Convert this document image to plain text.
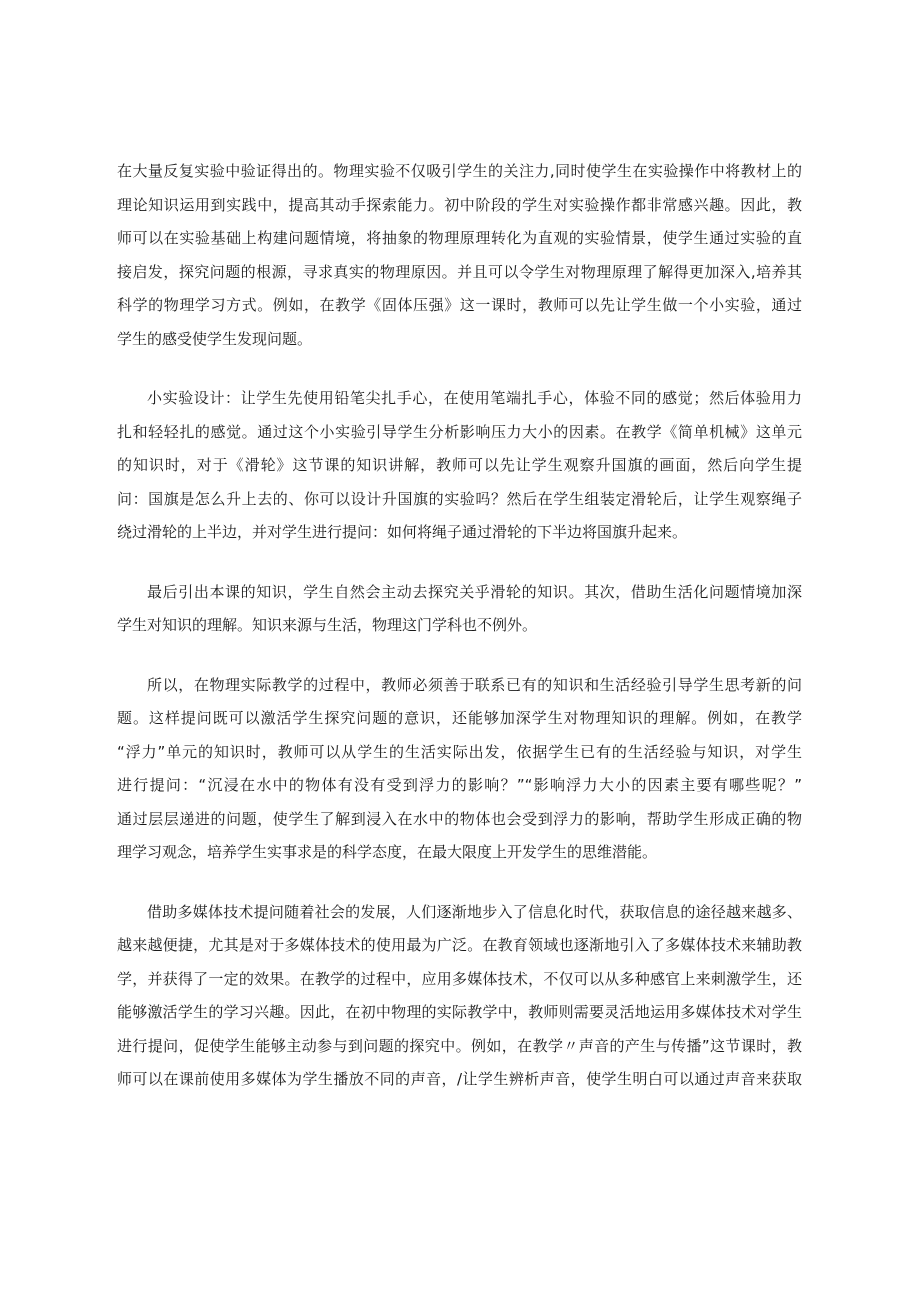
在大量反复实验中验证得出的。物理实验不仅吸引学生的关注力,同时使学生在实验操作中将教材上的
理论知识运用到实践中，提高其动手探索能力。初中阶段的学生对实验操作都非常感兴趣。因此，教
师可以在实验基础上构建问题情境，将抽象的物理原理转化为直观的实验情景，使学生通过实验的直
接启发，探究问题的根源，寻求真实的物理原因。并且可以令学生对物理原理了解得更加深入,培养其
科学的物理学习方式。例如，在教学《固体压强》这一课时，教师可以先让学生做一个小实验，通过
学生的感受使学生发现问题。
小实验设计：让学生先使用铅笔尖扎手心，在使用笔端扎手心，体验不同的感觉；然后体验用力
扎和轻轻扎的感觉。通过这个小实验引导学生分析影响压力大小的因素。在教学《简单机械》这单元
的知识时，对于《滑轮》这节课的知识讲解，教师可以先让学生观察升国旗的画面，然后向学生提
问：国旗是怎么升上去的、你可以设计升国旗的实验吗？然后在学生组装定滑轮后，让学生观察绳子
绕过滑轮的上半边，并对学生进行提问：如何将绳子通过滑轮的下半边将国旗升起来。
最后引出本课的知识，学生自然会主动去探究关乎滑轮的知识。其次，借助生活化问题情境加深
学生对知识的理解。知识来源与生活，物理这门学科也不例外。
所以，在物理实际教学的过程中，教师必须善于联系已有的知识和生活经验引导学生思考新的问
题。这样提问既可以激活学生探究问题的意识，还能够加深学生对物理知识的理解。例如，在教学
“浮力”单元的知识时，教师可以从学生的生活实际出发，依据学生已有的生活经验与知识，对学生
进行提问：“沉浸在水中的物体有没有受到浮力的影响？”“影响浮力大小的因素主要有哪些呢？”
通过层层递进的问题，使学生了解到浸入在水中的物体也会受到浮力的影响，帮助学生形成正确的物
理学习观念，培养学生实事求是的科学态度，在最大限度上开发学生的思维潜能。
借助多媒体技术提问随着社会的发展，人们逐渐地步入了信息化时代，获取信息的途径越来越多、
越来越便捷，尤其是对于多媒体技术的使用最为广泛。在教育领域也逐渐地引入了多媒体技术来辅助教
学，并获得了一定的效果。在教学的过程中，应用多媒体技术，不仅可以从多种感官上来刺激学生，还
能够激活学生的学习兴趣。因此，在初中物理的实际教学中，教师则需要灵活地运用多媒体技术对学生
进行提问，促使学生能够主动参与到问题的探究中。例如，在教学〃声音的产生与传播”这节课时，教
师可以在课前使用多媒体为学生播放不同的声音，/让学生辨析声音，使学生明白可以通过声音来获取
